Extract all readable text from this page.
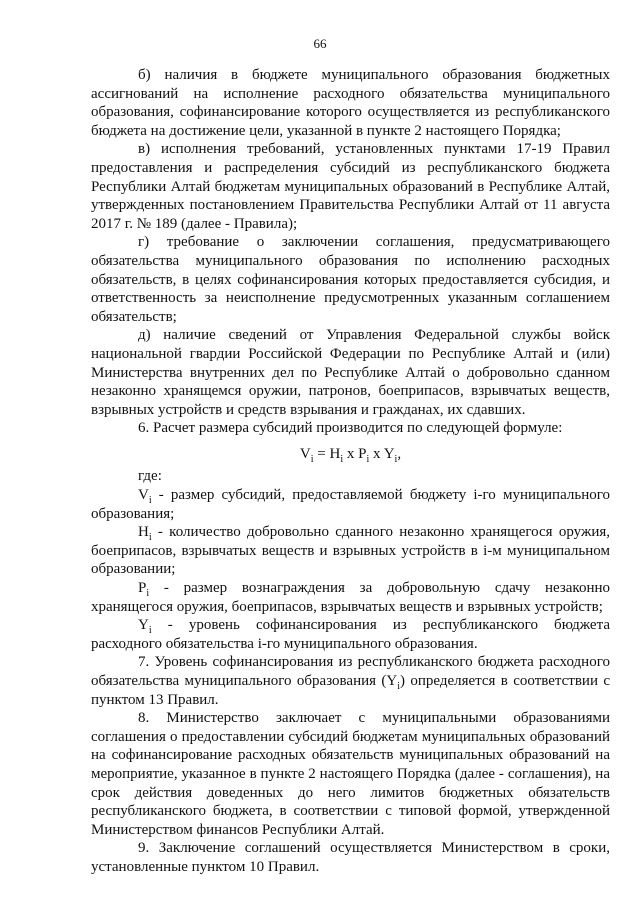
66

б) наличия в бюджете муниципального образования бюджетных ассигнований на исполнение расходного обязательства муниципального образования, софинансирование которого осуществляется из республиканского бюджета на достижение цели, указанной в пункте 2 настоящего Порядка;

в) исполнения требований, установленных пунктами 17-19 Правил предоставления и распределения субсидий из республиканского бюджета Республики Алтай бюджетам муниципальных образований в Республике Алтай, утвержденных постановлением Правительства Республики Алтай от 11 августа 2017 г. № 189 (далее - Правила);

г) требование о заключении соглашения, предусматривающего обязательства муниципального образования по исполнению расходных обязательств, в целях софинансирования которых предоставляется субсидия, и ответственность за неисполнение предусмотренных указанным соглашением обязательств;

д) наличие сведений от Управления Федеральной службы войск национальной гвардии Российской Федерации по Республике Алтай и (или) Министерства внутренних дел по Республике Алтай о добровольно сданном незаконно хранящемся оружии, патронов, боеприпасов, взрывчатых веществ, взрывных устройств и средств взрывания и гражданах, их сдавших.

6. Расчет размера субсидий производится по следующей формуле:

$V_i = H_i$ x $P_i$ x $Y_i$,

где:

$V_i$ - размер субсидий, предоставляемой бюджету i-го муниципального образования;

$H_i$ - количество добровольно сданного незаконно хранящегося оружия, боеприпасов, взрывчатых веществ и взрывных устройств в i-м муниципальном образовании;

$P_i$ - размер вознаграждения за добровольную сдачу незаконно хранящегося оружия, боеприпасов, взрывчатых веществ и взрывных устройств;

$Y_i$ - уровень софинансирования из республиканского бюджета расходного обязательства i-го муниципального образования.

7. Уровень софинансирования из республиканского бюджета расходного обязательства муниципального образования $(Y_i)$ определяется в соответствии с пунктом 13 Правил.

8. Министерство заключает с муниципальными образованиями соглашения о предоставлении субсидий бюджетам муниципальных образований на софинансирование расходных обязательств муниципальных образований на мероприятие, указанное в пункте 2 настоящего Порядка (далее - соглашения), на срок действия доведенных до него лимитов бюджетных обязательств республиканского бюджета, в соответствии с типовой формой, утвержденной Министерством финансов Республики Алтай.

9. Заключение соглашений осуществляется Министерством в сроки, установленные пунктом 10 Правил.
